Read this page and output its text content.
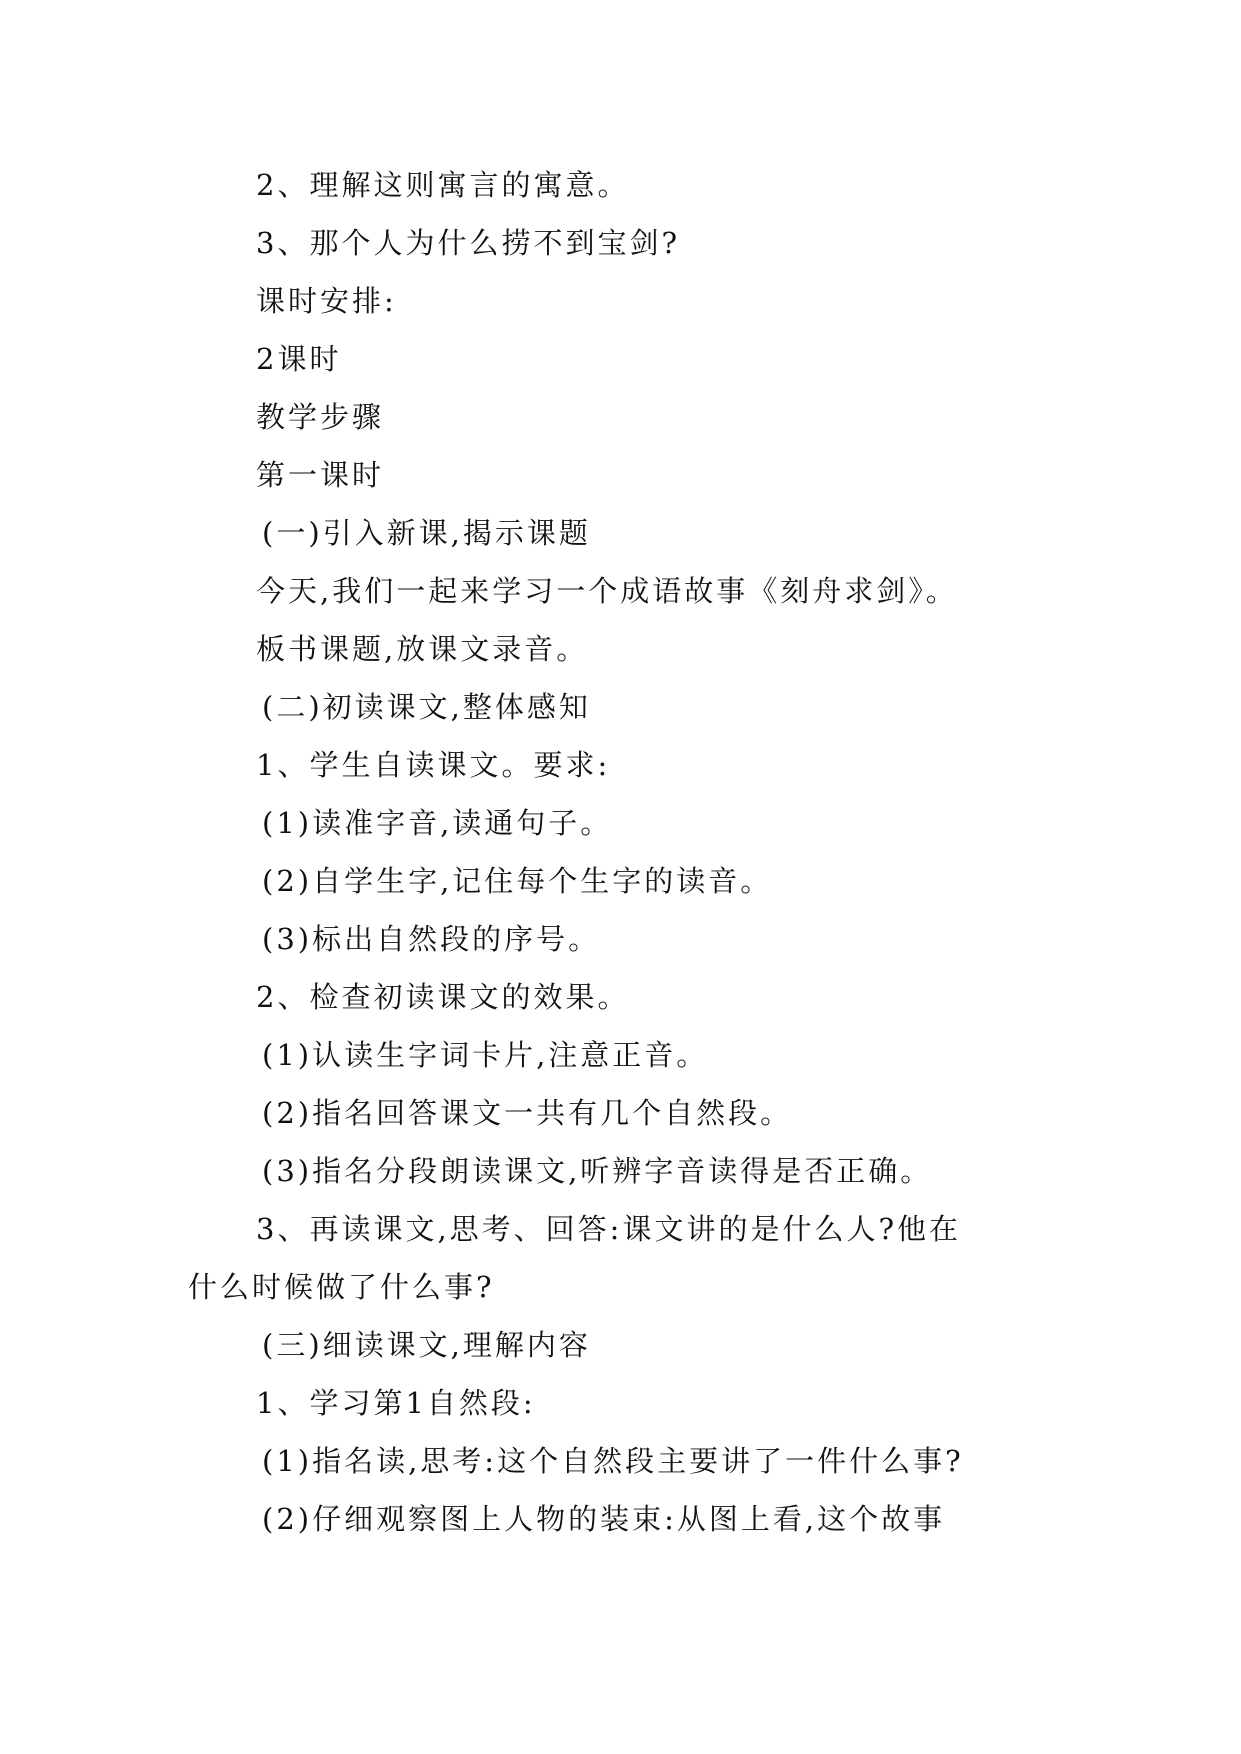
2、理解这则寓言的寓意。
3、那个人为什么捞不到宝剑?
课时安排:
2课时
教学步骤
第一课时
(一)引入新课,揭示课题
今天,我们一起来学习一个成语故事《刻舟求剑》。
板书课题,放课文录音。
(二)初读课文,整体感知
1、学生自读课文。要求:
(1)读准字音,读通句子。
(2)自学生字,记住每个生字的读音。
(3)标出自然段的序号。
2、检查初读课文的效果。
(1)认读生字词卡片,注意正音。
(2)指名回答课文一共有几个自然段。
(3)指名分段朗读课文,听辨字音读得是否正确。
3、再读课文,思考、回答:课文讲的是什么人?他在
什么时候做了什么事?
(三)细读课文,理解内容
1、学习第1自然段:
(1)指名读,思考:这个自然段主要讲了一件什么事?
(2)仔细观察图上人物的装束:从图上看,这个故事
